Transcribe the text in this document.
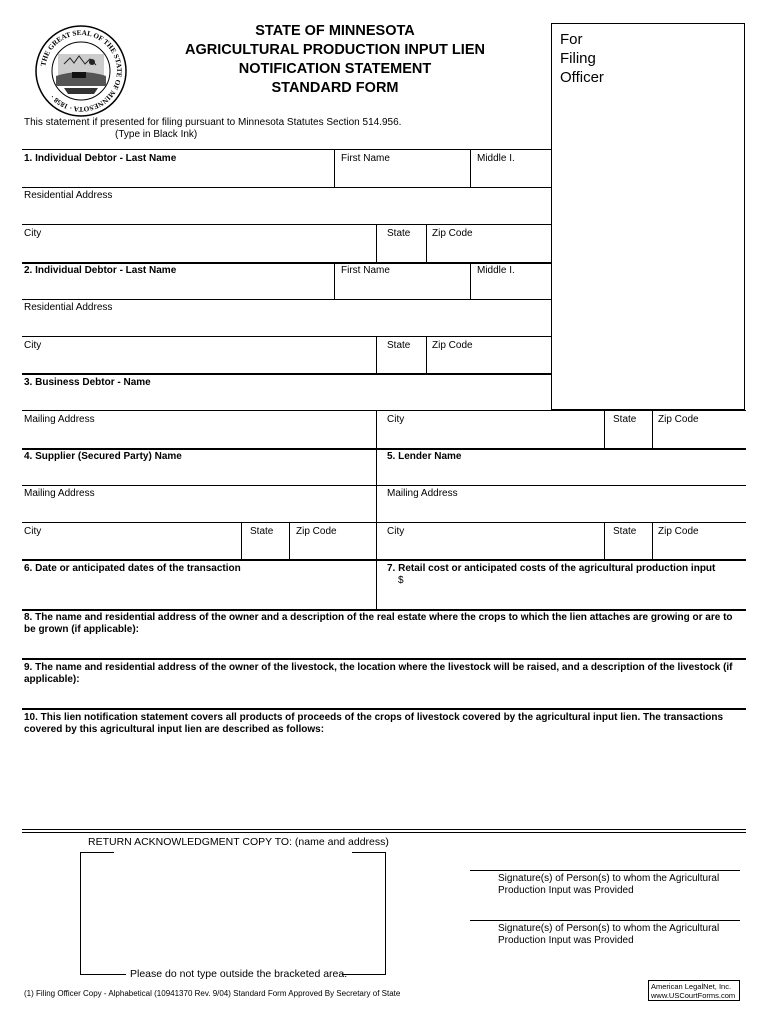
THE GREAT SEAL OF THE STATE OF MINNESOTA · 1858 ·
STATE OF MINNESOTA
AGRICULTURAL PRODUCTION INPUT LIEN
NOTIFICATION STATEMENT
STANDARD FORM
For
Filing
Officer
This statement if presented for filing pursuant to Minnesota Statutes Section 514.956.
(Type in Black Ink)
1. Individual Debtor - Last Name	First Name	Middle I.
Residential Address
City	State Zip Code
2. Individual Debtor - Last Name	First Name	Middle I.
Residential Address
City	State Zip Code
3. Business Debtor - Name
Mailing Address	City	State Zip Code
4. Supplier (Secured Party) Name	5. Lender Name
Mailing Address	Mailing Address
City	State Zip Code	City	State Zip Code
6. Date or anticipated dates of the transaction	7. Retail cost or anticipated costs of the agricultural production input
$
8. The name and residential address of the owner and a description of the real estate where the crops to which the lien attaches are growing or are to be grown (if applicable):
9. The name and residential address of the owner of the livestock, the location where the livestock will be raised, and a description of the livestock (if applicable):
10. This lien notification statement covers all products of proceeds of the crops of livestock covered by the agricultural input lien. The transactions covered by this agricultural input lien are described as follows:
RETURN ACKNOWLEDGMENT COPY TO: (name and address)
Please do not type outside the bracketed area.
Signature(s) of Person(s) to whom the Agricultural Production Input was Provided
Signature(s) of Person(s) to whom the Agricultural Production Input was Provided
(1) Filing Officer Copy - Alphabetical (10941370 Rev. 9/04) Standard Form Approved By Secretary of State
American LegalNet, Inc.
www.USCourtForms.com
